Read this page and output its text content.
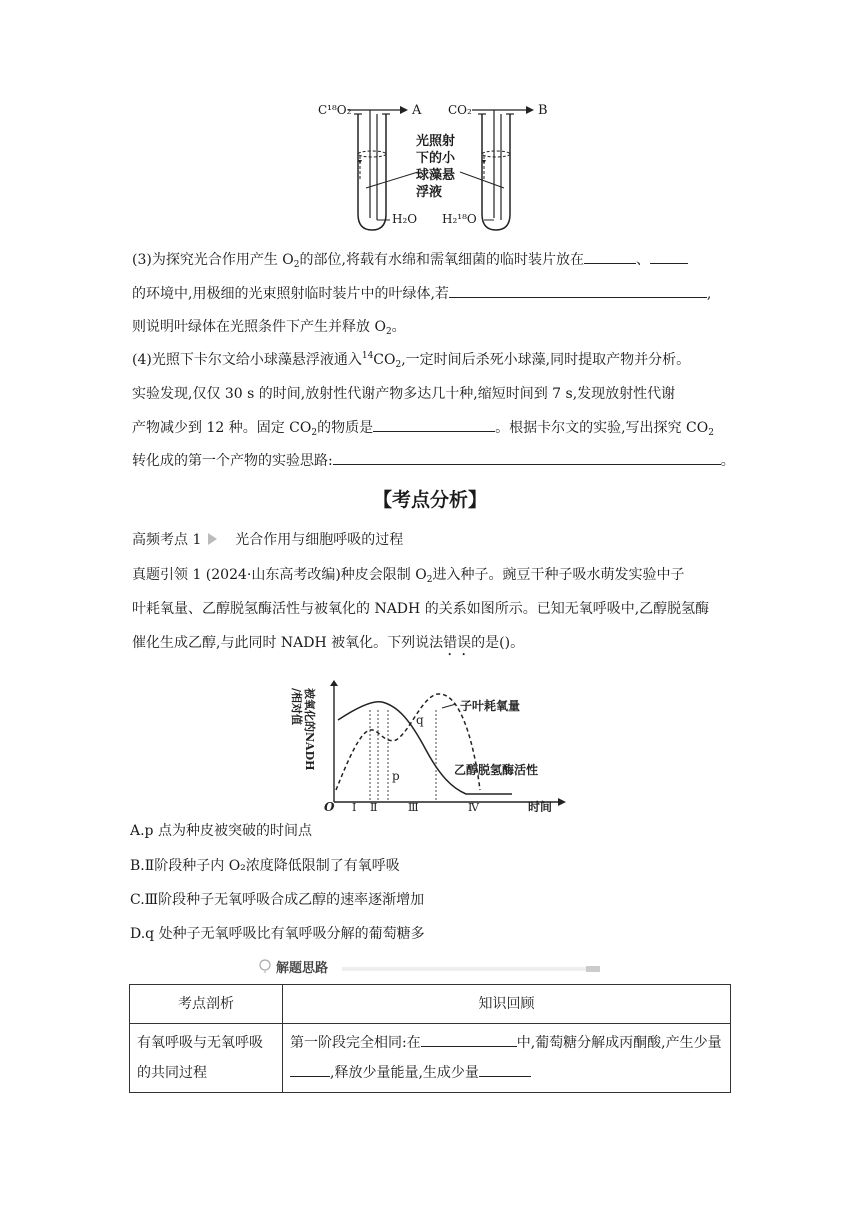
C¹⁸O₂	A CO₂	B
光照射
下的小
球藻悬
浮液
H₂O H₂¹⁸O
(3)为探究光合作用产生 $O_2$的部位,将载有水绵和需氧细菌的临时装片放在	、
的环境中,用极细的光束照射临时装片中的叶绿体,若	,
则说明叶绿体在光照条件下产生并释放 $O_2$。
(4)光照下卡尔文给小球藻悬浮液通入$^{14}CO_2$,一定时间后杀死小球藻,同时提取产物并分析。
实验发现,仅仅 30 s 的时间,放射性代谢产物多达几十种,缩短时间到 7 s,发现放射性代谢
产物减少到 12 种。固定 $CO_2$的物质是	。根据卡尔文的实验,写出探究 $CO_2$
转化成的第一个产物的实验思路:	。
【考点分析】
高频考点 1 光合作用与细胞呼吸的过程
真题引领 1 (2024·山东高考改编)种皮会限制 $O_2$进入种子。豌豆干种子吸水萌发实验中子
叶耗氧量、乙醇脱氢酶活性与被氧化的 NADH 的关系如图所示。已知无氧呼吸中,乙醇脱氢酶
催化生成乙醇,与此同时 NADH 被氧化。下列说法错误的是()。
被氧化的NADH/相对值
O	时间
Ⅰ Ⅱ	Ⅲ	Ⅳ
p
q
子叶耗氧量
乙醇脱氢酶活性
A.p 点为种皮被突破的时间点
B.Ⅱ阶段种子内 O₂浓度降低限制了有氧呼吸
C.Ⅲ阶段种子无氧呼吸合成乙醇的速率逐渐增加
D.q 处种子无氧呼吸比有氧呼吸分解的葡萄糖多
解题思路
考点剖析	知识回顾
有氧呼吸与无氧呼吸的共同过程	第一阶段完全相同:在 中,葡萄糖分解成丙酮酸,产生少量,释放少量能量,生成少量
